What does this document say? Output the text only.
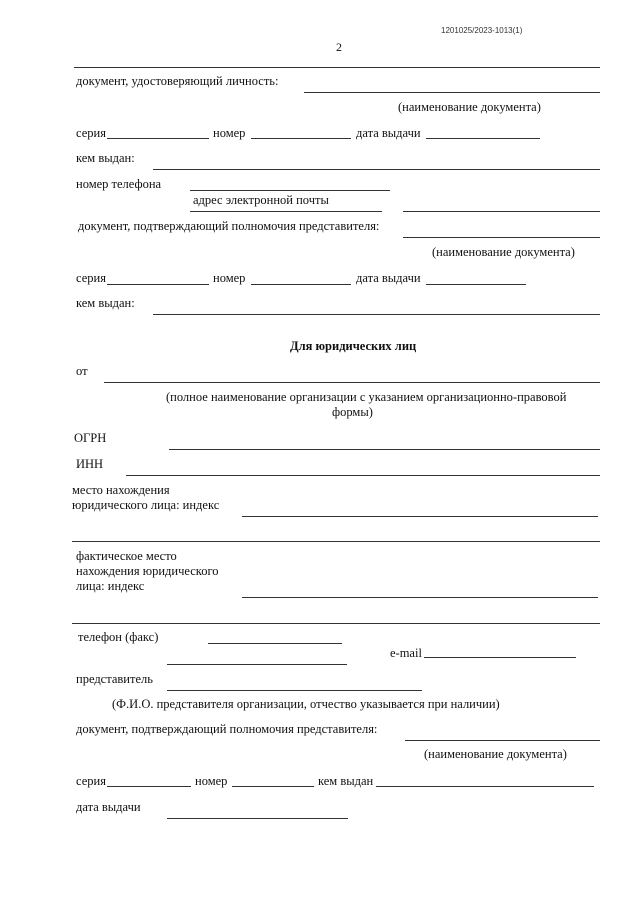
1201025/2023-1013(1)
2
документ, удостоверяющий личность:
(наименование документа)
серия	номер	дата выдачи
кем выдан:
номер телефона
адрес электронной почты
документ, подтверждающий полномочия представителя:
(наименование документа)
серия	номер	дата выдачи
кем выдан:
Для юридических лиц
от
(полное наименование организации с указанием организационно-правовой
формы)
ОГРН
ИНН
место нахождения
юридического лица: индекс
фактическое место
нахождения юридического
лица: индекс
телефон (факс)
e-mail
представитель
(Ф.И.О. представителя организации, отчество указывается при наличии)
документ, подтверждающий полномочия представителя:
(наименование документа)
серия	номер	кем выдан
дата выдачи
